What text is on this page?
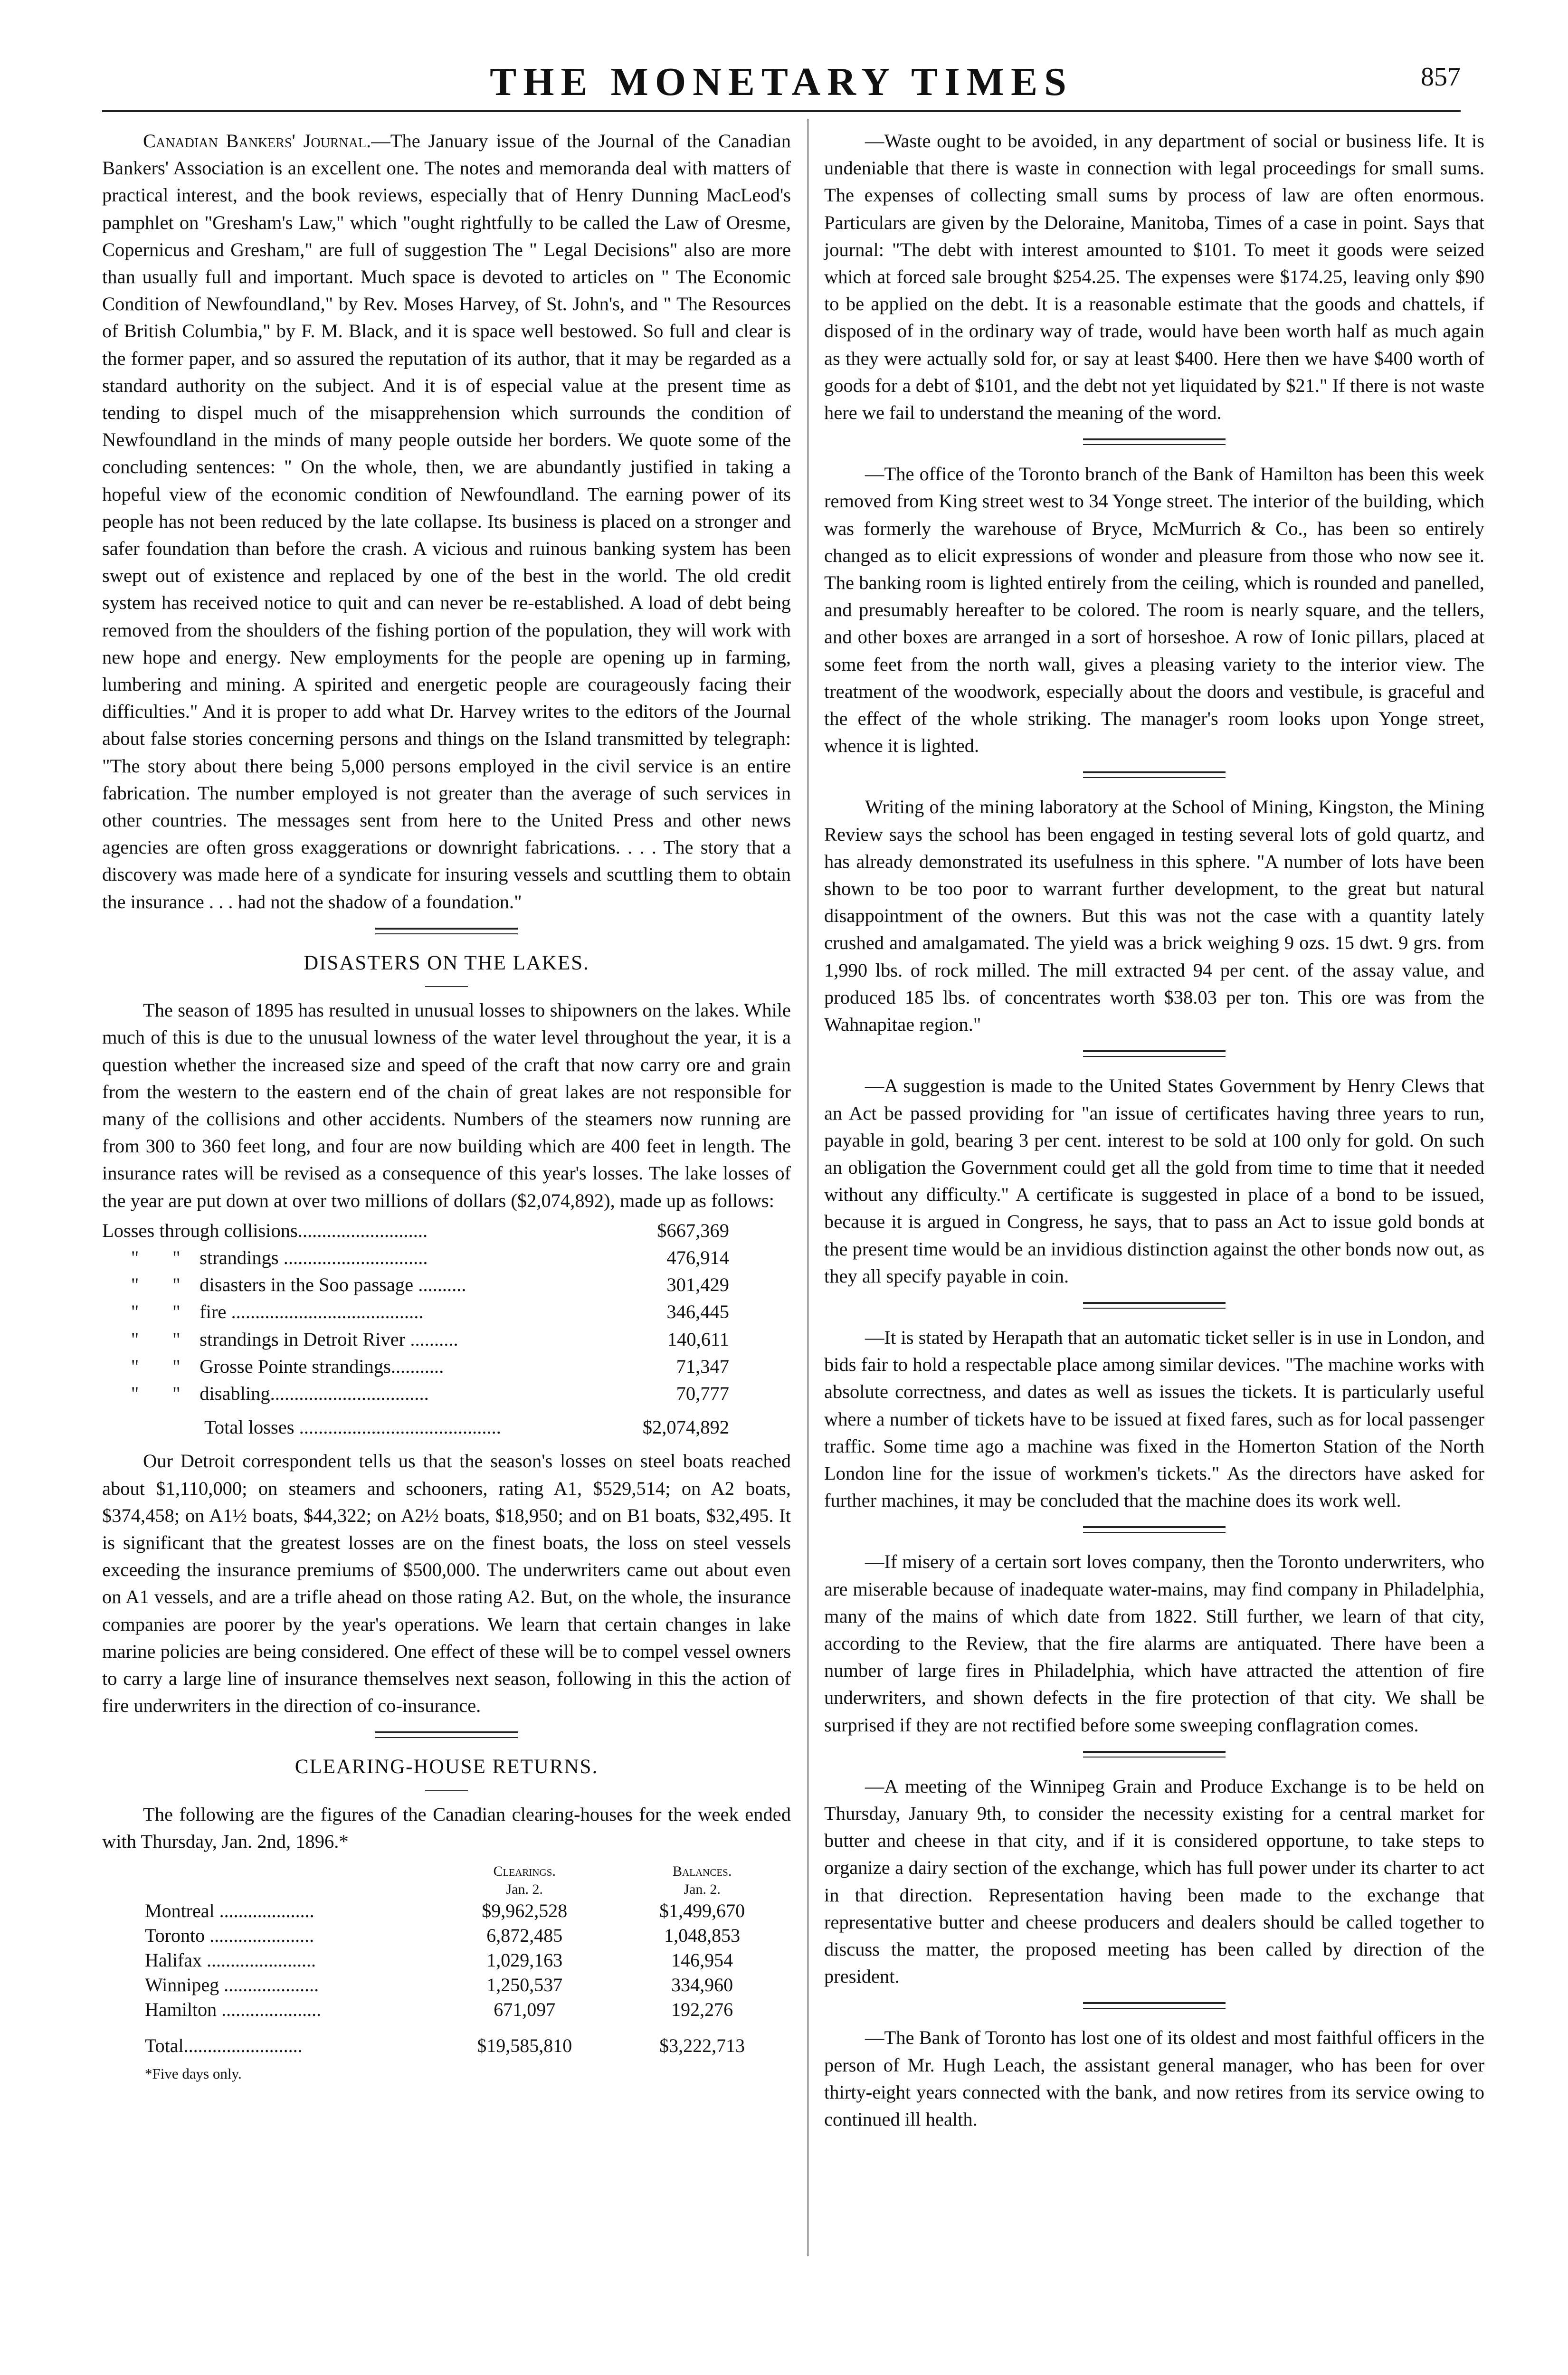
THE MONETARY TIMES	857

Canadian Bankers' Journal.—The January issue of the Journal of the Canadian Bankers' Association is an excellent one. The notes and memoranda deal with matters of practical interest, and the book reviews, especially that of Henry Dunning MacLeod's pamphlet on "Gresham's Law," which "ought rightfully to be called the Law of Oresme, Copernicus and Gresham," are full of suggestion The " Legal Decisions" also are more than usually full and important. Much space is devoted to articles on " The Economic Condition of Newfoundland," by Rev. Moses Harvey, of St. John's, and " The Resources of British Columbia," by F. M. Black, and it is space well bestowed. So full and clear is the former paper, and so assured the reputation of its author, that it may be regarded as a standard authority on the subject. And it is of especial value at the present time as tending to dispel much of the misapprehension which surrounds the condition of Newfoundland in the minds of many people outside her borders. We quote some of the concluding sentences: " On the whole, then, we are abundantly justified in taking a hopeful view of the economic condition of Newfoundland. The earning power of its people has not been reduced by the late collapse. Its business is placed on a stronger and safer foundation than before the crash. A vicious and ruinous banking system has been swept out of existence and replaced by one of the best in the world. The old credit system has received notice to quit and can never be re-established. A load of debt being removed from the shoulders of the fishing portion of the population, they will work with new hope and energy. New employments for the people are opening up in farming, lumbering and mining. A spirited and energetic people are courageously facing their difficulties." And it is proper to add what Dr. Harvey writes to the editors of the Journal about false stories concerning persons and things on the Island transmitted by telegraph: "The story about there being 5,000 persons employed in the civil service is an entire fabrication. The number employed is not greater than the average of such services in other countries. The messages sent from here to the United Press and other news agencies are often gross exaggerations or downright fabrications. . . . The story that a discovery was made here of a syndicate for insuring vessels and scuttling them to obtain the insurance . . . had not the shadow of a foundation."

DISASTERS ON THE LAKES.

The season of 1895 has resulted in unusual losses to shipowners on the lakes. While much of this is due to the unusual lowness of the water level throughout the year, it is a question whether the increased size and speed of the craft that now carry ore and grain from the western to the eastern end of the chain of great lakes are not responsible for many of the collisions and other accidents. Numbers of the steamers now running are from 300 to 360 feet long, and four are now building which are 400 feet in length. The insurance rates will be revised as a consequence of this year's losses. The lake losses of the year are put down at over two millions of dollars ($2,074,892), made up as follows:

Losses through collisions...........................	$667,369
"       "    strandings ..............................	476,914
"       "    disasters in the Soo passage ..........	301,429
"       "    fire ........................................	346,445
"       "    strandings in Detroit River ..........	140,611
"       "    Grosse Pointe strandings...........	71,347
"       "    disabling.................................	70,777
Total losses ..........................................	$2,074,892

Our Detroit correspondent tells us that the season's losses on steel boats reached about $1,110,000; on steamers and schooners, rating A1, $529,514; on A2 boats, $374,458; on A1½ boats, $44,322; on A2½ boats, $18,950; and on B1 boats, $32,495. It is significant that the greatest losses are on the finest boats, the loss on steel vessels exceeding the insurance premiums of $500,000. The underwriters came out about even on A1 vessels, and are a trifle ahead on those rating A2. But, on the whole, the insurance companies are poorer by the year's operations. We learn that certain changes in lake marine policies are being considered. One effect of these will be to compel vessel owners to carry a large line of insurance themselves next season, following in this the action of fire underwriters in the direction of co-insurance.

CLEARING-HOUSE RETURNS.

The following are the figures of the Canadian clearing-houses for the week ended with Thursday, Jan. 2nd, 1896.*

	Clearings.	Balances.
	Jan. 2.	Jan. 2.
Montreal ....................	$9,962,528	$1,499,670
Toronto ......................	6,872,485	1,048,853
Halifax .......................	1,029,163	146,954
Winnipeg ....................	1,250,537	334,960
Hamilton .....................	671,097	192,276
Total.........................	$19,585,810	$3,222,713
*Five days only.

—Waste ought to be avoided, in any department of social or business life. It is undeniable that there is waste in connection with legal proceedings for small sums. The expenses of collecting small sums by process of law are often enormous. Particulars are given by the Deloraine, Manitoba, Times of a case in point. Says that journal: "The debt with interest amounted to $101. To meet it goods were seized which at forced sale brought $254.25. The expenses were $174.25, leaving only $90 to be applied on the debt. It is a reasonable estimate that the goods and chattels, if disposed of in the ordinary way of trade, would have been worth half as much again as they were actually sold for, or say at least $400. Here then we have $400 worth of goods for a debt of $101, and the debt not yet liquidated by $21." If there is not waste here we fail to understand the meaning of the word.

—The office of the Toronto branch of the Bank of Hamilton has been this week removed from King street west to 34 Yonge street. The interior of the building, which was formerly the warehouse of Bryce, McMurrich & Co., has been so entirely changed as to elicit expressions of wonder and pleasure from those who now see it. The banking room is lighted entirely from the ceiling, which is rounded and panelled, and presumably hereafter to be colored. The room is nearly square, and the tellers, and other boxes are arranged in a sort of horseshoe. A row of Ionic pillars, placed at some feet from the north wall, gives a pleasing variety to the interior view. The treatment of the woodwork, especially about the doors and vestibule, is graceful and the effect of the whole striking. The manager's room looks upon Yonge street, whence it is lighted.

Writing of the mining laboratory at the School of Mining, Kingston, the Mining Review says the school has been engaged in testing several lots of gold quartz, and has already demonstrated its usefulness in this sphere. "A number of lots have been shown to be too poor to warrant further development, to the great but natural disappointment of the owners. But this was not the case with a quantity lately crushed and amalgamated. The yield was a brick weighing 9 ozs. 15 dwt. 9 grs. from 1,990 lbs. of rock milled. The mill extracted 94 per cent. of the assay value, and produced 185 lbs. of concentrates worth $38.03 per ton. This ore was from the Wahnapitae region."

—A suggestion is made to the United States Government by Henry Clews that an Act be passed providing for "an issue of certificates having three years to run, payable in gold, bearing 3 per cent. interest to be sold at 100 only for gold. On such an obligation the Government could get all the gold from time to time that it needed without any difficulty." A certificate is suggested in place of a bond to be issued, because it is argued in Congress, he says, that to pass an Act to issue gold bonds at the present time would be an invidious distinction against the other bonds now out, as they all specify payable in coin.

—It is stated by Herapath that an automatic ticket seller is in use in London, and bids fair to hold a respectable place among similar devices. "The machine works with absolute correctness, and dates as well as issues the tickets. It is particularly useful where a number of tickets have to be issued at fixed fares, such as for local passenger traffic. Some time ago a machine was fixed in the Homerton Station of the North London line for the issue of workmen's tickets." As the directors have asked for further machines, it may be concluded that the machine does its work well.

—If misery of a certain sort loves company, then the Toronto underwriters, who are miserable because of inadequate water-mains, may find company in Philadelphia, many of the mains of which date from 1822. Still further, we learn of that city, according to the Review, that the fire alarms are antiquated. There have been a number of large fires in Philadelphia, which have attracted the attention of fire underwriters, and shown defects in the fire protection of that city. We shall be surprised if they are not rectified before some sweeping conflagration comes.

—A meeting of the Winnipeg Grain and Produce Exchange is to be held on Thursday, January 9th, to consider the necessity existing for a central market for butter and cheese in that city, and if it is considered opportune, to take steps to organize a dairy section of the exchange, which has full power under its charter to act in that direction. Representation having been made to the exchange that representative butter and cheese producers and dealers should be called together to discuss the matter, the proposed meeting has been called by direction of the president.

—The Bank of Toronto has lost one of its oldest and most faithful officers in the person of Mr. Hugh Leach, the assistant general manager, who has been for over thirty-eight years connected with the bank, and now retires from its service owing to continued ill health.
